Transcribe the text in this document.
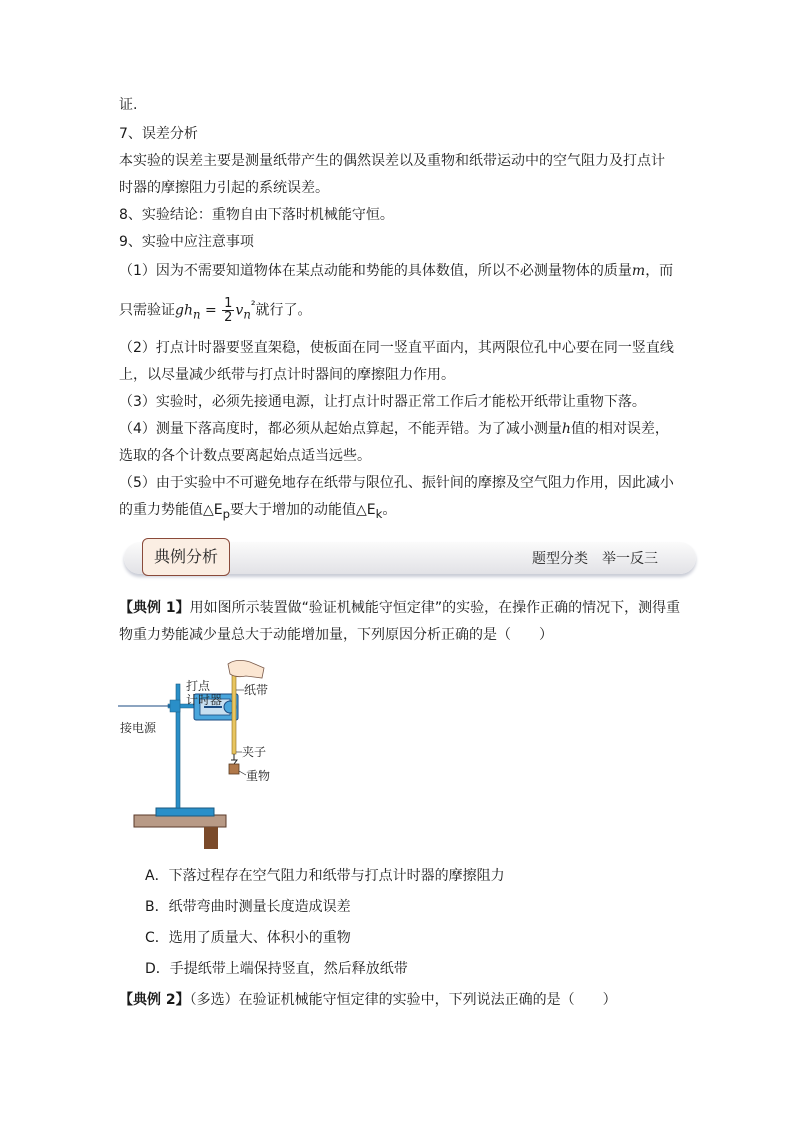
证.
7、误差分析
本实验的误差主要是测量纸带产生的偶然误差以及重物和纸带运动中的空气阻力及打点计
时器的摩擦阻力引起的系统误差。
8、实验结论：重物自由下落时机械能守恒。
9、实验中应注意事项
（1）因为不需要知道物体在某点动能和势能的具体数值，所以不必测量物体的质量m，而
只需验证$gh_n = \frac{1}{2} v_n^{^2}$就行了。
（2）打点计时器要竖直架稳，使板面在同一竖直平面内，其两限位孔中心要在同一竖直线
上，以尽量减少纸带与打点计时器间的摩擦阻力作用。
（3）实验时，必须先接通电源，让打点计时器正常工作后才能松开纸带让重物下落。
（4）测量下落高度时，都必须从起始点算起，不能弄错。为了减小测量h值的相对误差，
选取的各个计数点要离起始点适当远些。
（5）由于实验中不可避免地存在纸带与限位孔、振针间的摩擦及空气阻力作用，因此减小
的重力势能值$\triangle E_p$要大于增加的动能值$\triangle E_k$。
典例分析	题型分类　举一反三
【典例 1】用如图所示装置做“验证机械能守恒定律”的实验，在操作正确的情况下，测得重
物重力势能减少量总大于动能增加量，下列原因分析正确的是（　　）
打点
计时器
纸带
接电源
夹子
重物
A．下落过程存在空气阻力和纸带与打点计时器的摩擦阻力
B．纸带弯曲时测量长度造成误差
C．选用了质量大、体积小的重物
D．手提纸带上端保持竖直，然后释放纸带
【典例 2】（多选）在验证机械能守恒定律的实验中，下列说法正确的是（　　）
